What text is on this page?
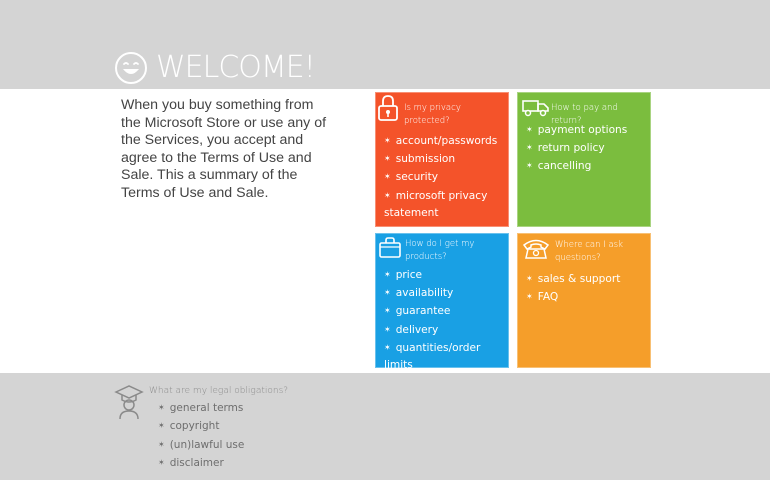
WELCOME!

When you buy something from the Microsoft Store or use any of the Services, you accept and agree to the Terms of Use and Sale. This a summary of the Terms of Use and Sale.

Is my privacy protected?
✶ account/passwords
✶ submission
✶ security
✶ microsoft privacy statement
How to pay and return?
✶ payment options
✶ return policy
✶ cancelling
How do I get my products?
✶ price
✶ availability
✶ guarantee
✶ delivery
✶ quantities/order limits
Where can I ask questions?
✶ sales & support
✶ FAQ
What are my legal obligations?
✶ general terms
✶ copyright
✶ (un)lawful use
✶ disclaimer
